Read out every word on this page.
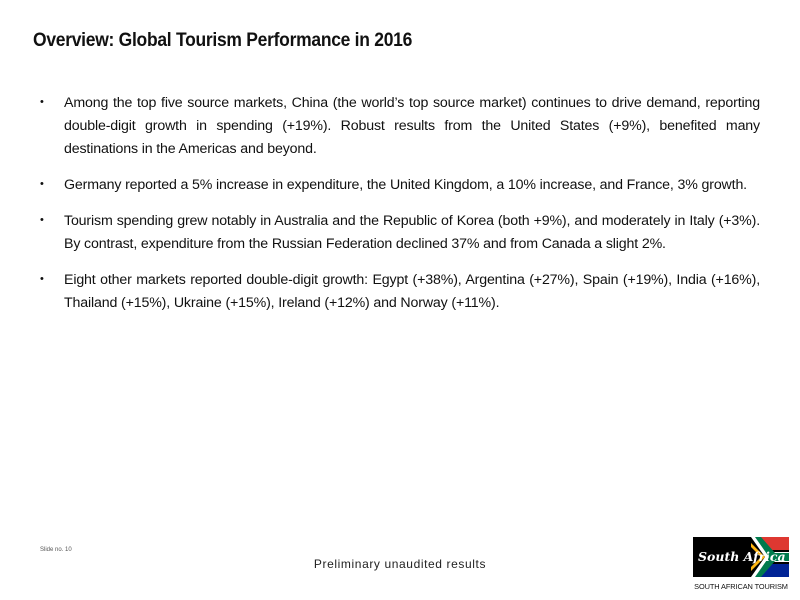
Overview: Global Tourism Performance in 2016
• Among the top five source markets, China (the world’s top source market) continues to drive demand, reporting double-digit growth in spending (+19%). Robust results from the United States (+9%), benefited many destinations in the Americas and beyond.
• Germany reported a 5% increase in expenditure, the United Kingdom, a 10% increase, and France, 3% growth.
• Tourism spending grew notably in Australia and the Republic of Korea (both +9%), and moderately in Italy (+3%). By contrast, expenditure from the Russian Federation declined 37% and from Canada a slight 2%.
• Eight other markets reported double-digit growth: Egypt (+38%), Argentina (+27%), Spain (+19%), India (+16%), Thailand (+15%), Ukraine (+15%), Ireland (+12%) and Norway (+11%).
Slide no. 10
Preliminary unaudited results	South Africa
SOUTH AFRICAN TOURISM
